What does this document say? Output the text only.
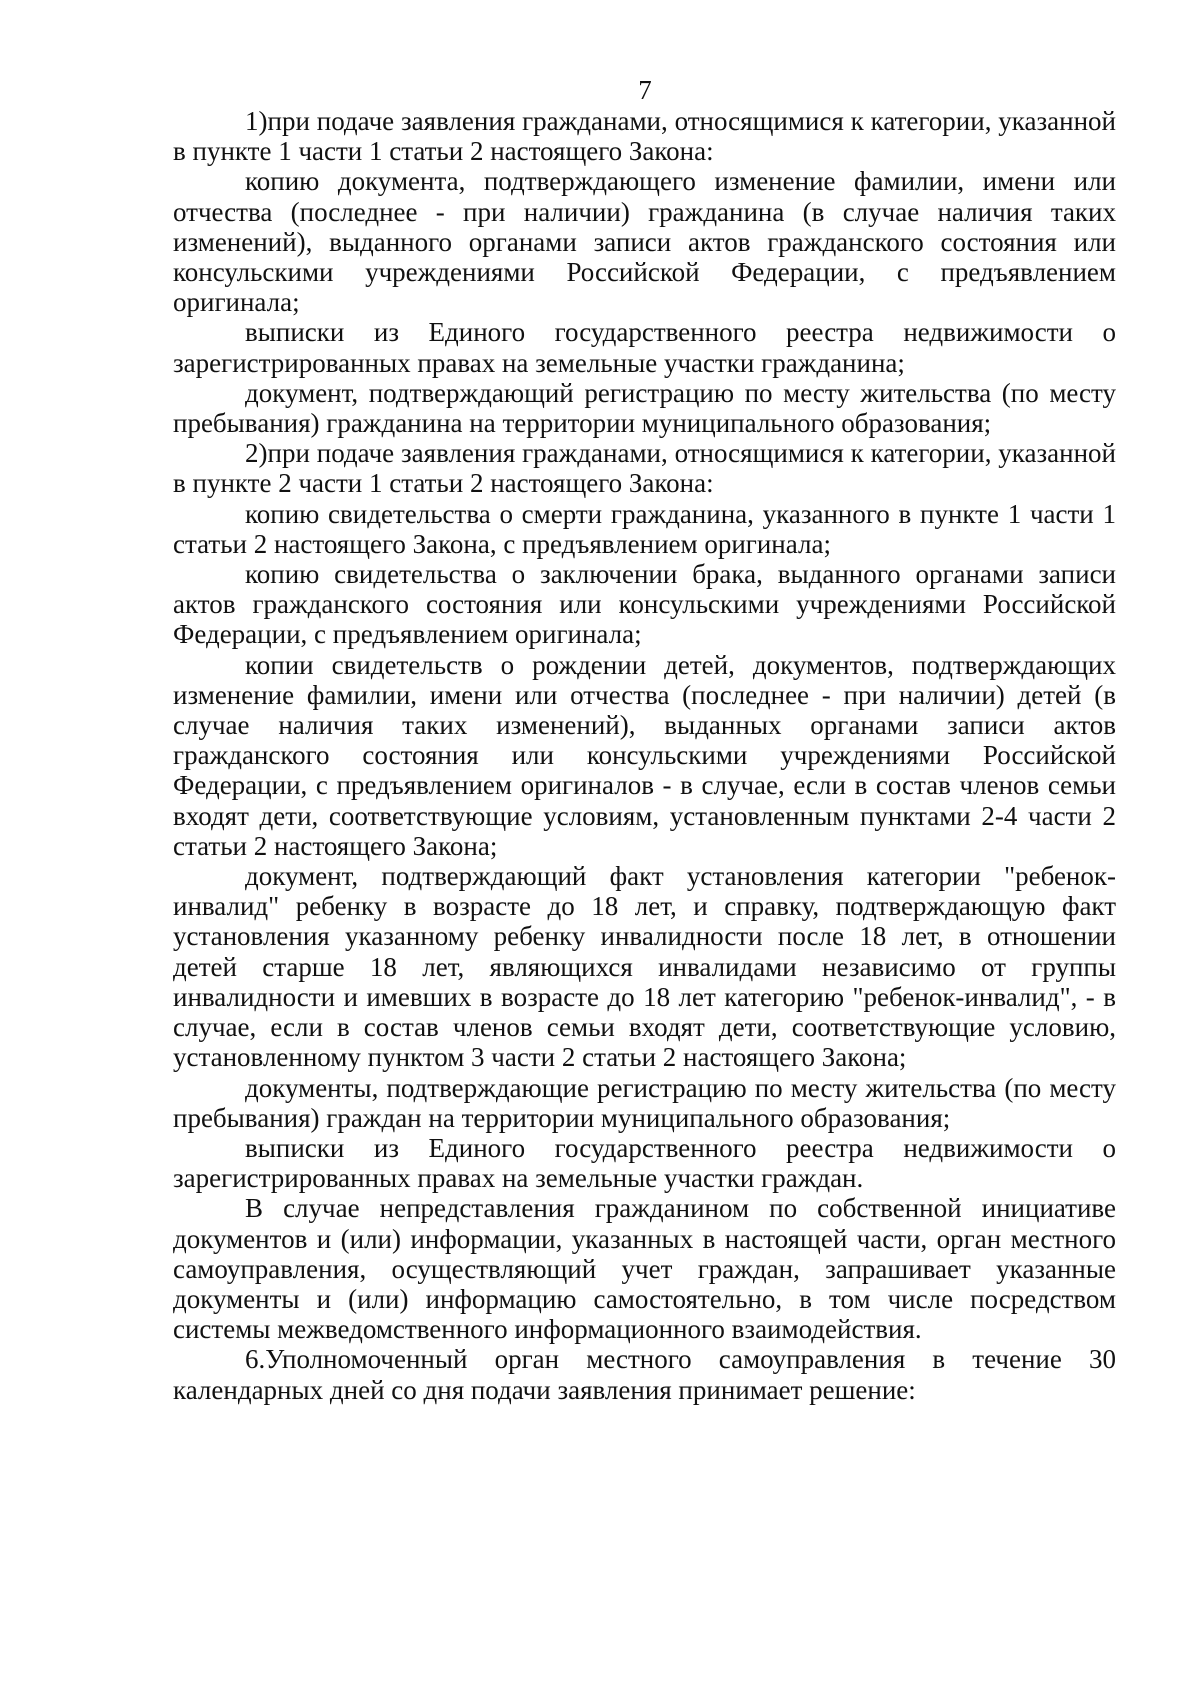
7

1)при подаче заявления гражданами, относящимися к категории, указанной в пункте 1 части 1 статьи 2 настоящего Закона:

копию документа, подтверждающего изменение фамилии, имени или отчества (последнее - при наличии) гражданина (в случае наличия таких изменений), выданного органами записи актов гражданского состояния или консульскими учреждениями Российской Федерации, с предъявлением оригинала;

выписки из Единого государственного реестра недвижимости о зарегистрированных правах на земельные участки гражданина;

документ, подтверждающий регистрацию по месту жительства (по месту пребывания) гражданина на территории муниципального образования;

2)при подаче заявления гражданами, относящимися к категории, указанной в пункте 2 части 1 статьи 2 настоящего Закона:

копию свидетельства о смерти гражданина, указанного в пункте 1 части 1 статьи 2 настоящего Закона, с предъявлением оригинала;

копию свидетельства о заключении брака, выданного органами записи актов гражданского состояния или консульскими учреждениями Российской Федерации, с предъявлением оригинала;

копии свидетельств о рождении детей, документов, подтверждающих изменение фамилии, имени или отчества (последнее - при наличии) детей (в случае наличия таких изменений), выданных органами записи актов гражданского состояния или консульскими учреждениями Российской Федерации, с предъявлением оригиналов - в случае, если в состав членов семьи входят дети, соответствующие условиям, установленным пунктами 2-4 части 2 статьи 2 настоящего Закона;

документ, подтверждающий факт установления категории "ребенок-инвалид" ребенку в возрасте до 18 лет, и справку, подтверждающую факт установления указанному ребенку инвалидности после 18 лет, в отношении детей старше 18 лет, являющихся инвалидами независимо от группы инвалидности и имевших в возрасте до 18 лет категорию "ребенок-инвалид", - в случае, если в состав членов семьи входят дети, соответствующие условию, установленному пунктом 3 части 2 статьи 2 настоящего Закона;

документы, подтверждающие регистрацию по месту жительства (по месту пребывания) граждан на территории муниципального образования;

выписки из Единого государственного реестра недвижимости о зарегистрированных правах на земельные участки граждан.

В случае непредставления гражданином по собственной инициативе документов и (или) информации, указанных в настоящей части, орган местного самоуправления, осуществляющий учет граждан, запрашивает указанные документы и (или) информацию самостоятельно, в том числе посредством системы межведомственного информационного взаимодействия.

6.Уполномоченный орган местного самоуправления в течение 30 календарных дней со дня подачи заявления принимает решение:
